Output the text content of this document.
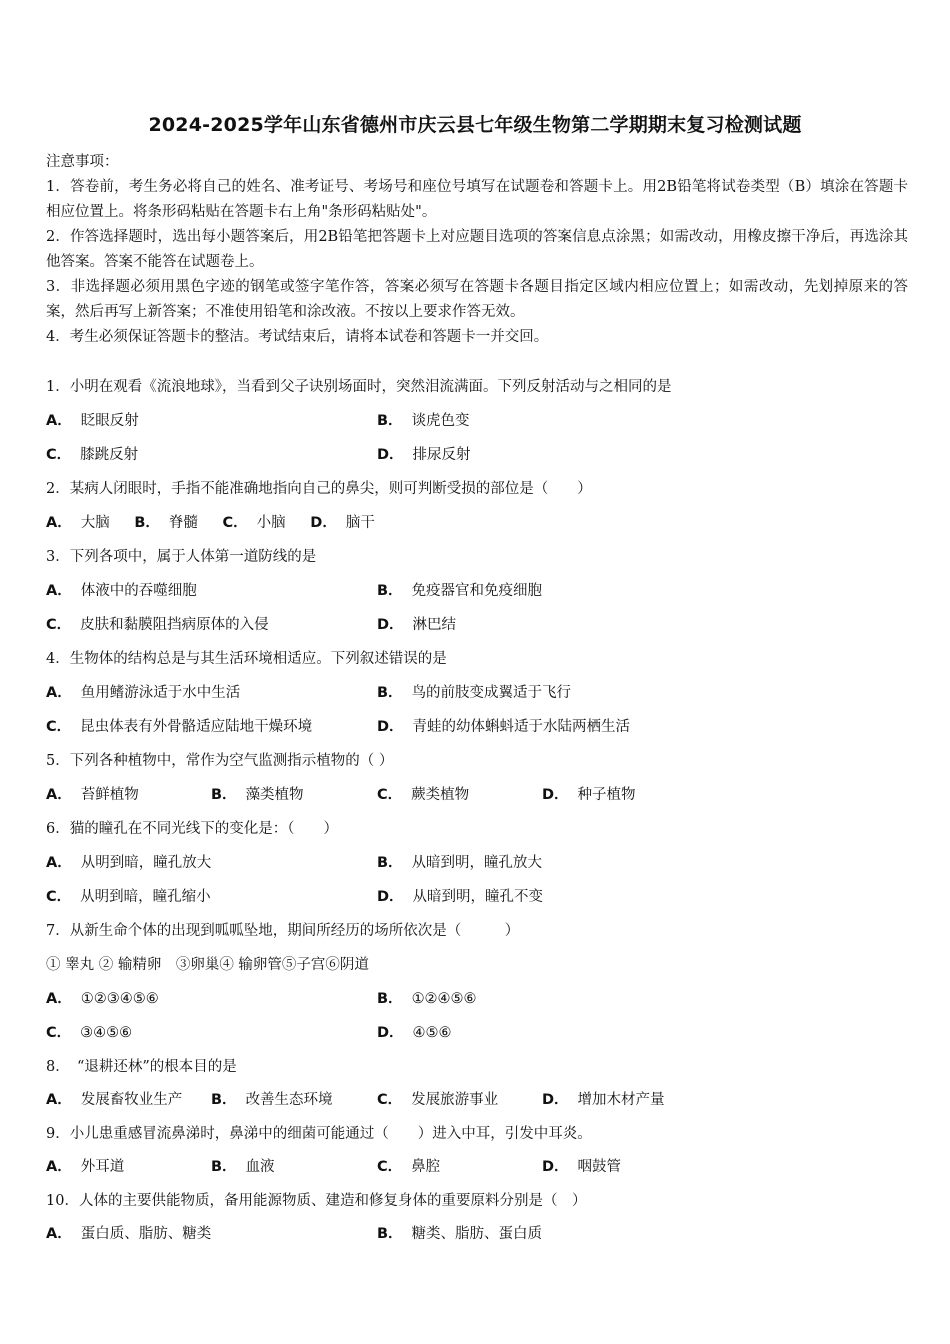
2024-2025学年山东省德州市庆云县七年级生物第二学期期末复习检测试题

注意事项：

1．答卷前，考生务必将自己的姓名、准考证号、考场号和座位号填写在试题卷和答题卡上。用2B铅笔将试卷类型（B）填涂在答题卡相应位置上。将条形码粘贴在答题卡右上角"条形码粘贴处"。

2．作答选择题时，选出每小题答案后，用2B铅笔把答题卡上对应题目选项的答案信息点涂黑；如需改动，用橡皮擦干净后，再选涂其他答案。答案不能答在试题卷上。

3．非选择题必须用黑色字迹的钢笔或签字笔作答，答案必须写在答题卡各题目指定区域内相应位置上；如需改动，先划掉原来的答案，然后再写上新答案；不准使用铅笔和涂改液。不按以上要求作答无效。

4．考生必须保证答题卡的整洁。考试结束后，请将本试卷和答题卡一并交回。

1．小明在观看《流浪地球》，当看到父子诀别场面时，突然泪流满面。下列反射活动与之相同的是
A． 眨眼反射	B． 谈虎色变
C． 膝跳反射	D． 排尿反射
2．某病人闭眼时，手指不能准确地指向自己的鼻尖，则可判断受损的部位是（　　）
A． 大脑 B． 脊髓 C． 小脑 D． 脑干
3．下列各项中，属于人体第一道防线的是
A． 体液中的吞噬细胞	B． 免疫器官和免疫细胞
C． 皮肤和黏膜阻挡病原体的入侵	D． 淋巴结
4．生物体的结构总是与其生活环境相适应。下列叙述错误的是
A． 鱼用鳍游泳适于水中生活	B． 鸟的前肢变成翼适于飞行
C． 昆虫体表有外骨骼适应陆地干燥环境	D． 青蛙的幼体蝌蚪适于水陆两栖生活
5．下列各种植物中，常作为空气监测指示植物的（ ）
A． 苔鲜植物	B． 藻类植物	C． 蕨类植物	D． 种子植物
6．猫的瞳孔在不同光线下的变化是：（　　）
A． 从明到暗，瞳孔放大	B． 从暗到明，瞳孔放大
C． 从明到暗，瞳孔缩小	D． 从暗到明，瞳孔不变
7．从新生命个体的出现到呱呱坠地，期间所经历的场所依次是（　　　）
① 睾丸 ② 输精卵　③卵巢④ 输卵管⑤子宫⑥阴道
A． ①②③④⑤⑥	B． ①②④⑤⑥
C． ③④⑤⑥	D． ④⑤⑥
8．　“退耕还林”的根本目的是
A． 发展畜牧业生产 B． 改善生态环境	C． 发展旅游事业	D． 增加木材产量
9．小儿患重感冒流鼻涕时，鼻涕中的细菌可能通过（　　）进入中耳，引发中耳炎。
A． 外耳道	B． 血液	C． 鼻腔	D． 咽鼓管
10．人体的主要供能物质，备用能源物质、建造和修复身体的重要原料分别是（　）
A． 蛋白质、脂肪、糖类	B． 糖类、脂肪、蛋白质
